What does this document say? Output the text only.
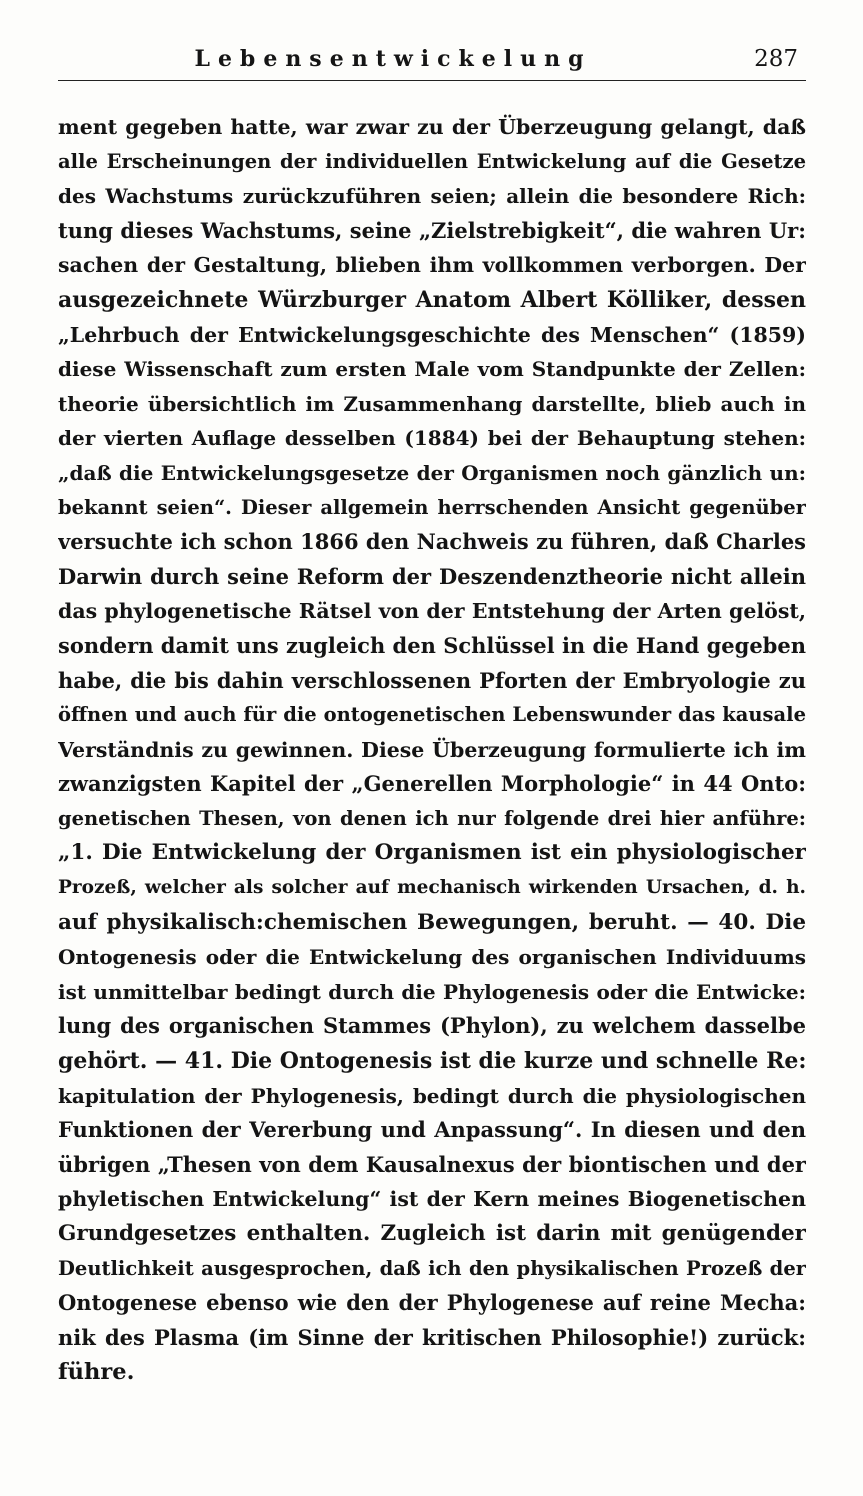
Lebensentwickelung	287
ment gegeben hatte, war zwar zu der Überzeugung gelangt, daß
alle Erscheinungen der individuellen Entwickelung auf die Gesetze
des Wachstums zurückzuführen seien; allein die besondere Rich:
tung dieses Wachstums, seine „Zielstrebigkeit“, die wahren Ur:
sachen der Gestaltung, blieben ihm vollkommen verborgen. Der
ausgezeichnete Würzburger Anatom Albert Kölliker, dessen
„Lehrbuch der Entwickelungsgeschichte des Menschen“ (1859)
diese Wissenschaft zum ersten Male vom Standpunkte der Zellen:
theorie übersichtlich im Zusammenhang darstellte, blieb auch in
der vierten Auflage desselben (1884) bei der Behauptung stehen:
„daß die Entwickelungsgesetze der Organismen noch gänzlich un:
bekannt seien“. Dieser allgemein herrschenden Ansicht gegenüber
versuchte ich schon 1866 den Nachweis zu führen, daß Charles
Darwin durch seine Reform der Deszendenztheorie nicht allein
das phylogenetische Rätsel von der Entstehung der Arten gelöst,
sondern damit uns zugleich den Schlüssel in die Hand gegeben
habe, die bis dahin verschlossenen Pforten der Embryologie zu
öffnen und auch für die ontogenetischen Lebenswunder das kausale
Verständnis zu gewinnen. Diese Überzeugung formulierte ich im
zwanzigsten Kapitel der „Generellen Morphologie“ in 44 Onto:
genetischen Thesen, von denen ich nur folgende drei hier anführe:
„1. Die Entwickelung der Organismen ist ein physiologischer
Prozeß, welcher als solcher auf mechanisch wirkenden Ursachen, d. h.
auf physikalisch:chemischen Bewegungen, beruht. — 40. Die
Ontogenesis oder die Entwickelung des organischen Individuums
ist unmittelbar bedingt durch die Phylogenesis oder die Entwicke:
lung des organischen Stammes (Phylon), zu welchem dasselbe
gehört. — 41. Die Ontogenesis ist die kurze und schnelle Re:
kapitulation der Phylogenesis, bedingt durch die physiologischen
Funktionen der Vererbung und Anpassung“. In diesen und den
übrigen „Thesen von dem Kausalnexus der biontischen und der
phyletischen Entwickelung“ ist der Kern meines Biogenetischen
Grundgesetzes enthalten. Zugleich ist darin mit genügender
Deutlichkeit ausgesprochen, daß ich den physikalischen Prozeß der
Ontogenese ebenso wie den der Phylogenese auf reine Mecha:
nik des Plasma (im Sinne der kritischen Philosophie!) zurück:
führe.
